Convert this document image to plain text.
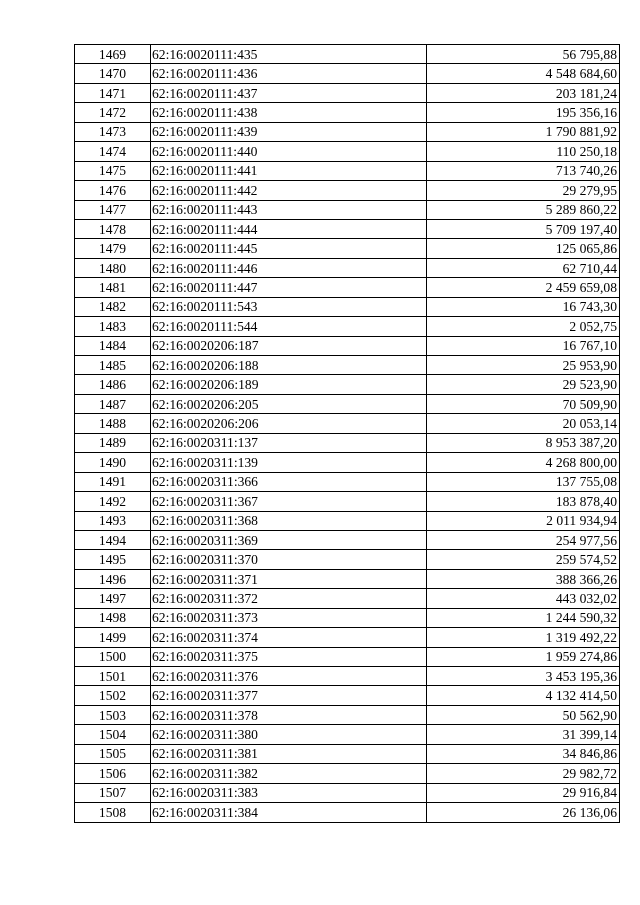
1469	62:16:0020111:435	56 795,88
1470	62:16:0020111:436	4 548 684,60
1471	62:16:0020111:437	203 181,24
1472	62:16:0020111:438	195 356,16
1473	62:16:0020111:439	1 790 881,92
1474	62:16:0020111:440	110 250,18
1475	62:16:0020111:441	713 740,26
1476	62:16:0020111:442	29 279,95
1477	62:16:0020111:443	5 289 860,22
1478	62:16:0020111:444	5 709 197,40
1479	62:16:0020111:445	125 065,86
1480	62:16:0020111:446	62 710,44
1481	62:16:0020111:447	2 459 659,08
1482	62:16:0020111:543	16 743,30
1483	62:16:0020111:544	2 052,75
1484	62:16:0020206:187	16 767,10
1485	62:16:0020206:188	25 953,90
1486	62:16:0020206:189	29 523,90
1487	62:16:0020206:205	70 509,90
1488	62:16:0020206:206	20 053,14
1489	62:16:0020311:137	8 953 387,20
1490	62:16:0020311:139	4 268 800,00
1491	62:16:0020311:366	137 755,08
1492	62:16:0020311:367	183 878,40
1493	62:16:0020311:368	2 011 934,94
1494	62:16:0020311:369	254 977,56
1495	62:16:0020311:370	259 574,52
1496	62:16:0020311:371	388 366,26
1497	62:16:0020311:372	443 032,02
1498	62:16:0020311:373	1 244 590,32
1499	62:16:0020311:374	1 319 492,22
1500	62:16:0020311:375	1 959 274,86
1501	62:16:0020311:376	3 453 195,36
1502	62:16:0020311:377	4 132 414,50
1503	62:16:0020311:378	50 562,90
1504	62:16:0020311:380	31 399,14
1505	62:16:0020311:381	34 846,86
1506	62:16:0020311:382	29 982,72
1507	62:16:0020311:383	29 916,84
1508	62:16:0020311:384	26 136,06
